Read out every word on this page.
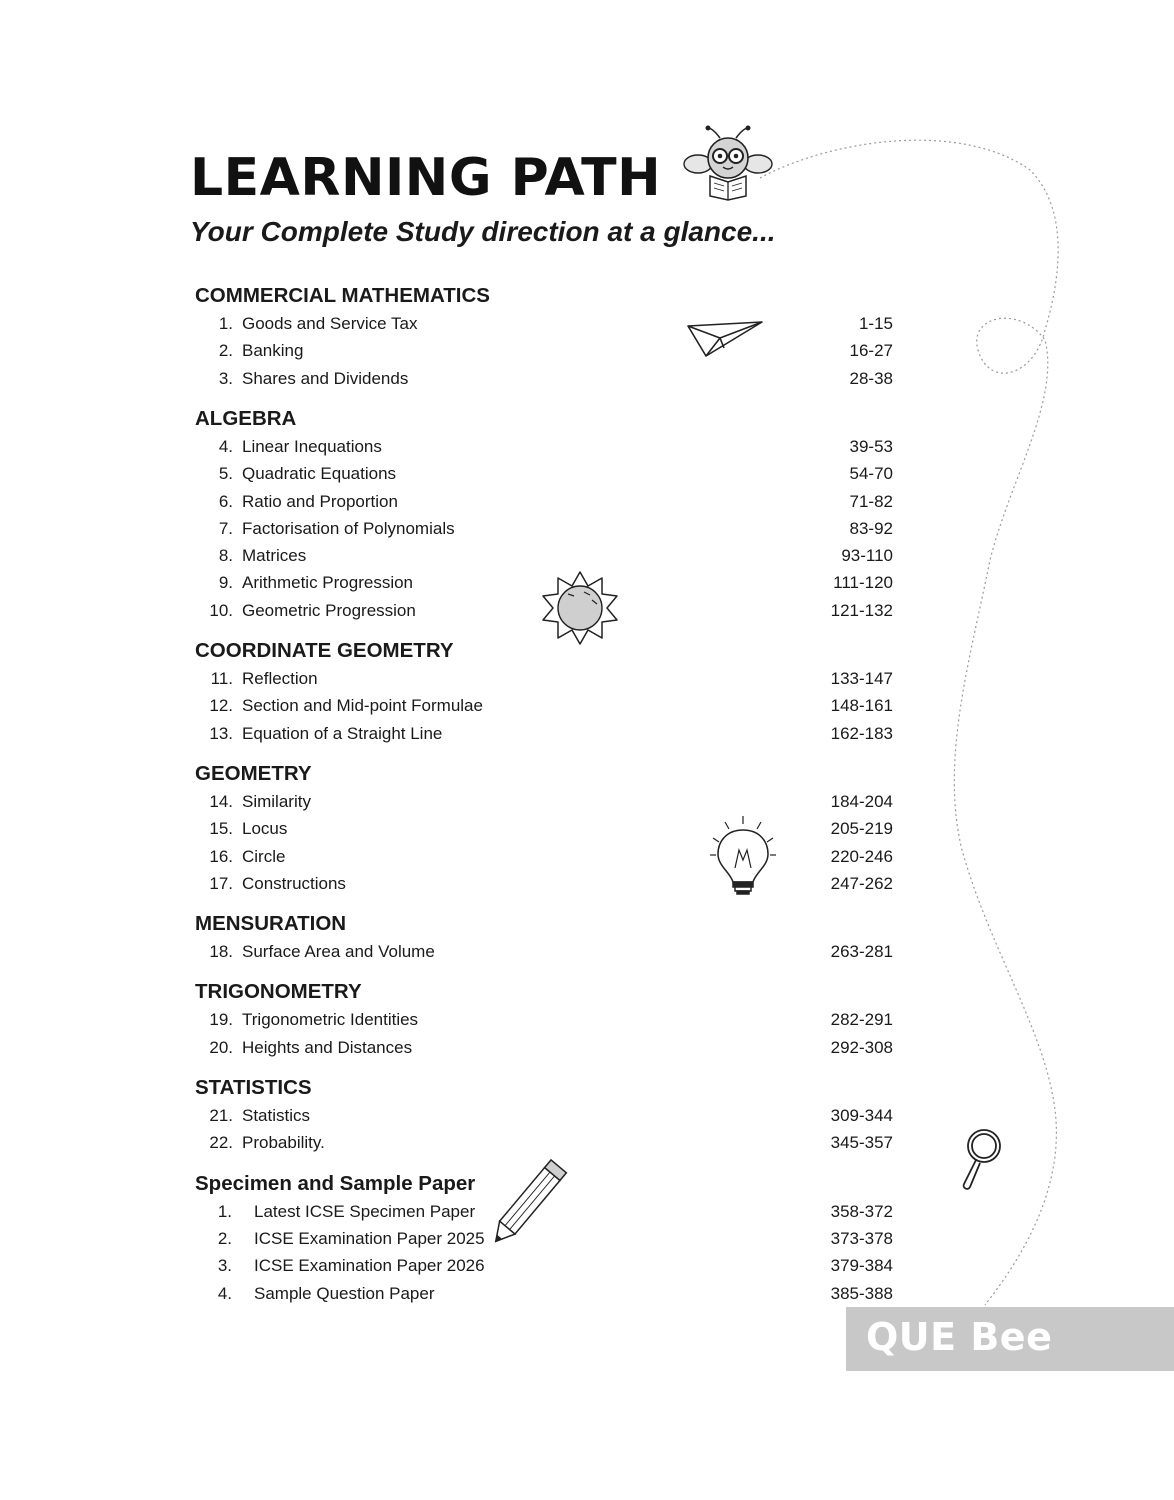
LEARNING PATH
Your Complete Study direction at a glance...
COMMERCIAL MATHEMATICS
1. Goods and Service Tax	1-15
2. Banking	16-27
3. Shares and Dividends	28-38
ALGEBRA
4. Linear Inequations	39-53
5. Quadratic Equations	54-70
6. Ratio and Proportion	71-82
7. Factorisation of Polynomials	83-92
8. Matrices	93-110
9. Arithmetic Progression	111-120
10. Geometric Progression	121-132
COORDINATE GEOMETRY
11. Reflection	133-147
12. Section and Mid-point Formulae	148-161
13. Equation of a Straight Line	162-183
GEOMETRY
14. Similarity	184-204
15. Locus	205-219
16. Circle	220-246
17. Constructions	247-262
MENSURATION
18. Surface Area and Volume	263-281
TRIGONOMETRY
19. Trigonometric Identities	282-291
20. Heights and Distances	292-308
STATISTICS
21. Statistics	309-344
22. Probability.	345-357
Specimen and Sample Paper
1. Latest ICSE Specimen Paper	358-372
2. ICSE Examination Paper 2025	373-378
3. ICSE Examination Paper 2026	379-384
4. Sample Question Paper	385-388
QUE Bee
